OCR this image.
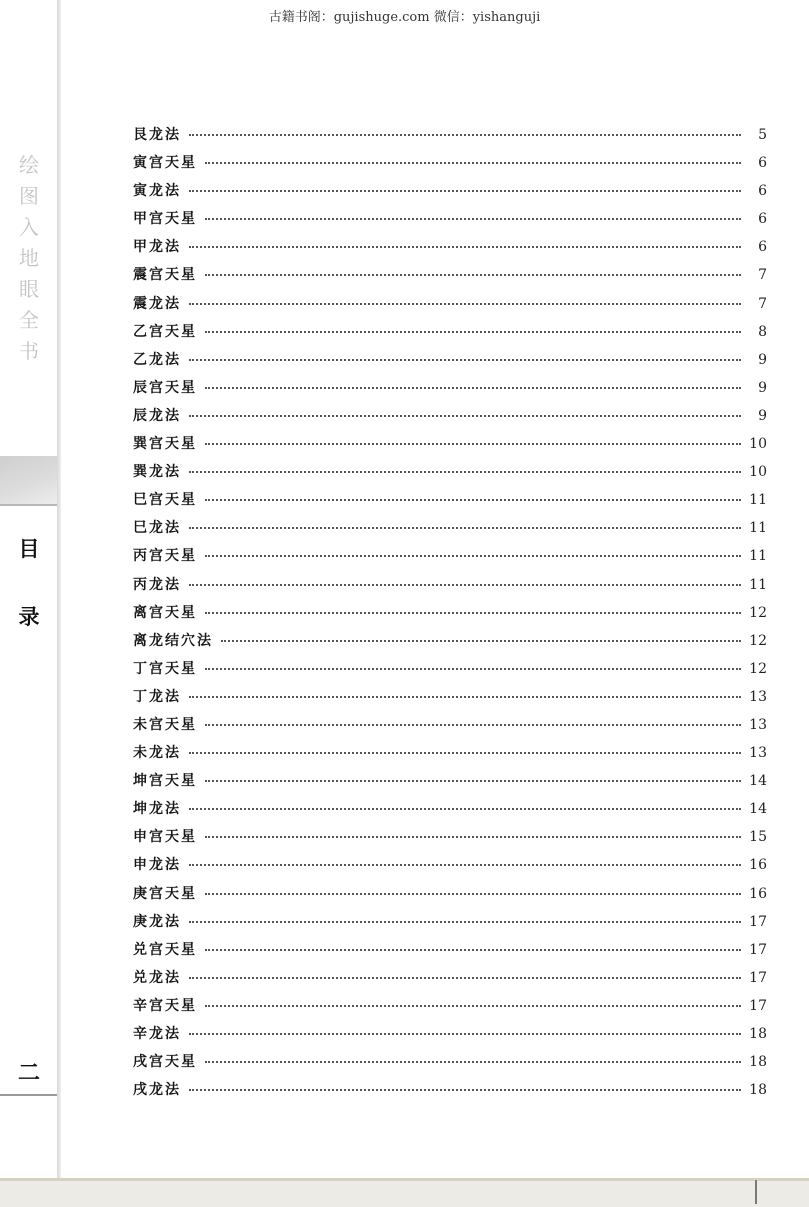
古籍书阁：gujishuge.com 微信：yishanguji
绘
图
入
地
眼
全
书
目
录
二
艮龙法	5
寅宫天星	6
寅龙法	6
甲宫天星	6
甲龙法	6
震宫天星	7
震龙法	7
乙宫天星	8
乙龙法	9
辰宫天星	9
辰龙法	9
巽宫天星	10
巽龙法	10
巳宫天星	11
巳龙法	11
丙宫天星	11
丙龙法	11
离宫天星	12
离龙结穴法	12
丁宫天星	12
丁龙法	13
未宫天星	13
未龙法	13
坤宫天星	14
坤龙法	14
申宫天星	15
申龙法	16
庚宫天星	16
庚龙法	17
兑宫天星	17
兑龙法	17
辛宫天星	17
辛龙法	18
戌宫天星	18
戌龙法	18
